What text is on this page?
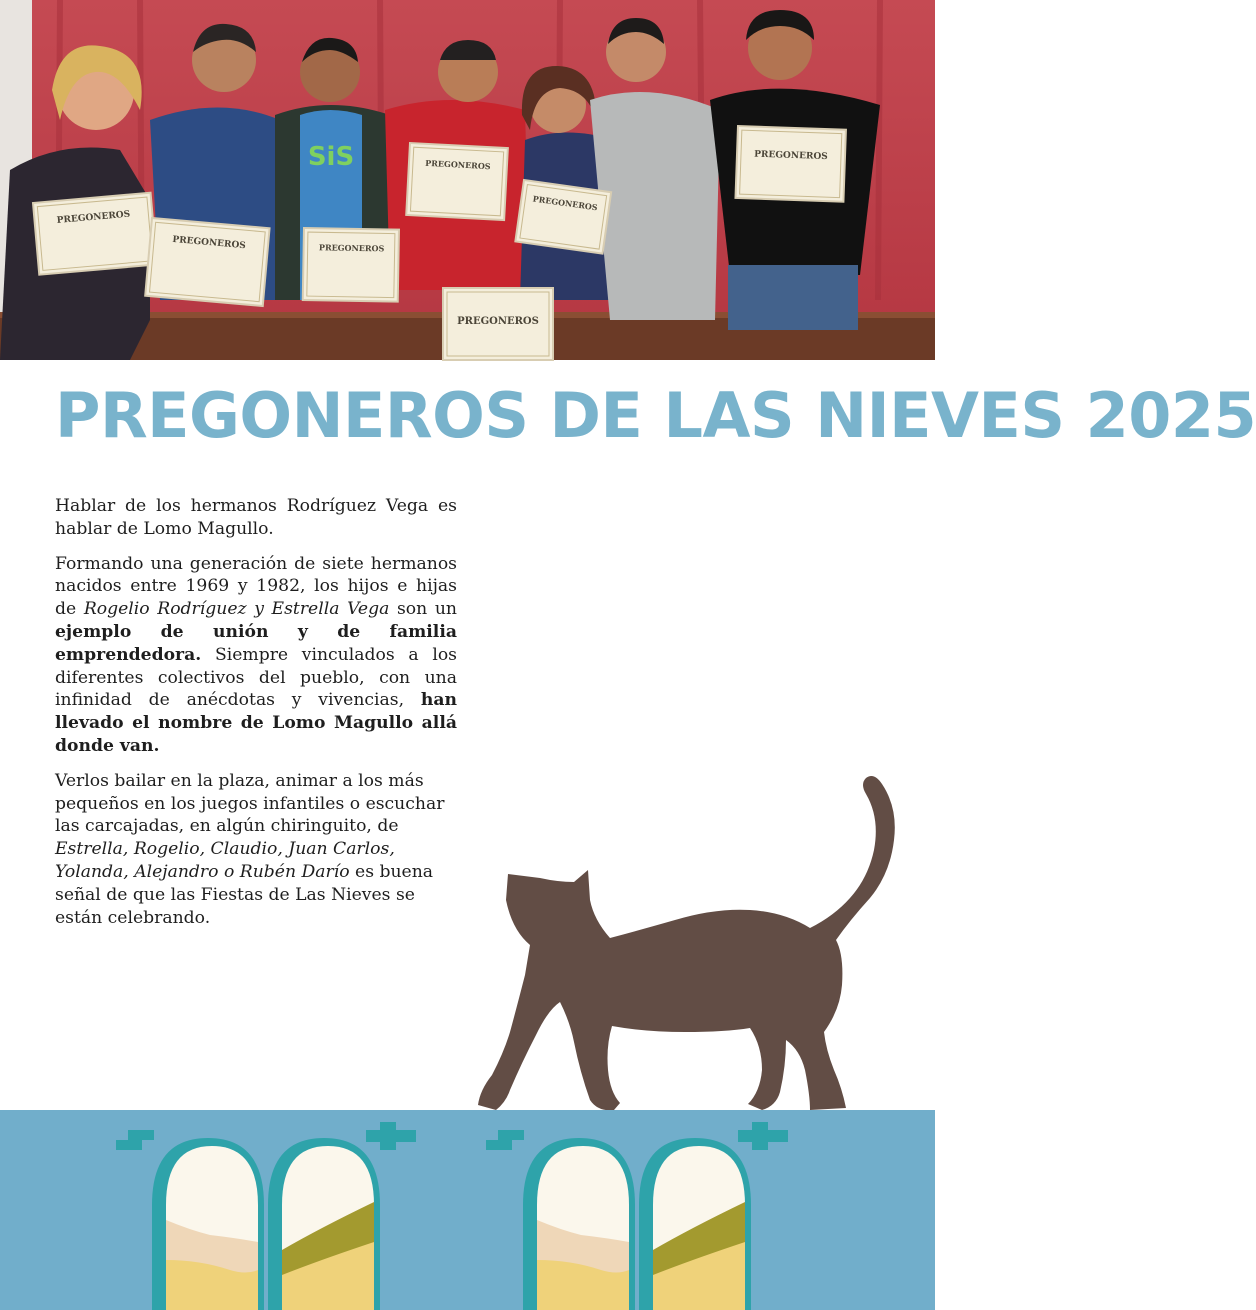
SiS
PREGONEROS
PREGONEROS	PREGONEROS
PREGONEROS
PREGONEROS
PREGONEROS
PREGONEROS
PREGONEROS DE LAS NIEVES 2025

Hablar de los hermanos Rodríguez Vega es hablar de Lomo Magullo.

Formando una generación de siete hermanos nacidos entre 1969 y 1982, los hijos e hijas de Rogelio Rodríguez y Estrella Vega son un ejemplo de unión y de familia emprendedora. Siempre vinculados a los diferentes colectivos del pueblo, con una infinidad de anécdotas y vivencias, han llevado el nombre de Lomo Magullo allá donde van.

Verlos bailar en la plaza, animar a los más pequeños en los juegos infantiles o escuchar las carcajadas, en algún chiringuito, de Estrella, Rogelio, Claudio, Juan Carlos, Yolanda, Alejandro o Rubén Darío es buena señal de que las Fiestas de Las Nieves se están celebrando.
